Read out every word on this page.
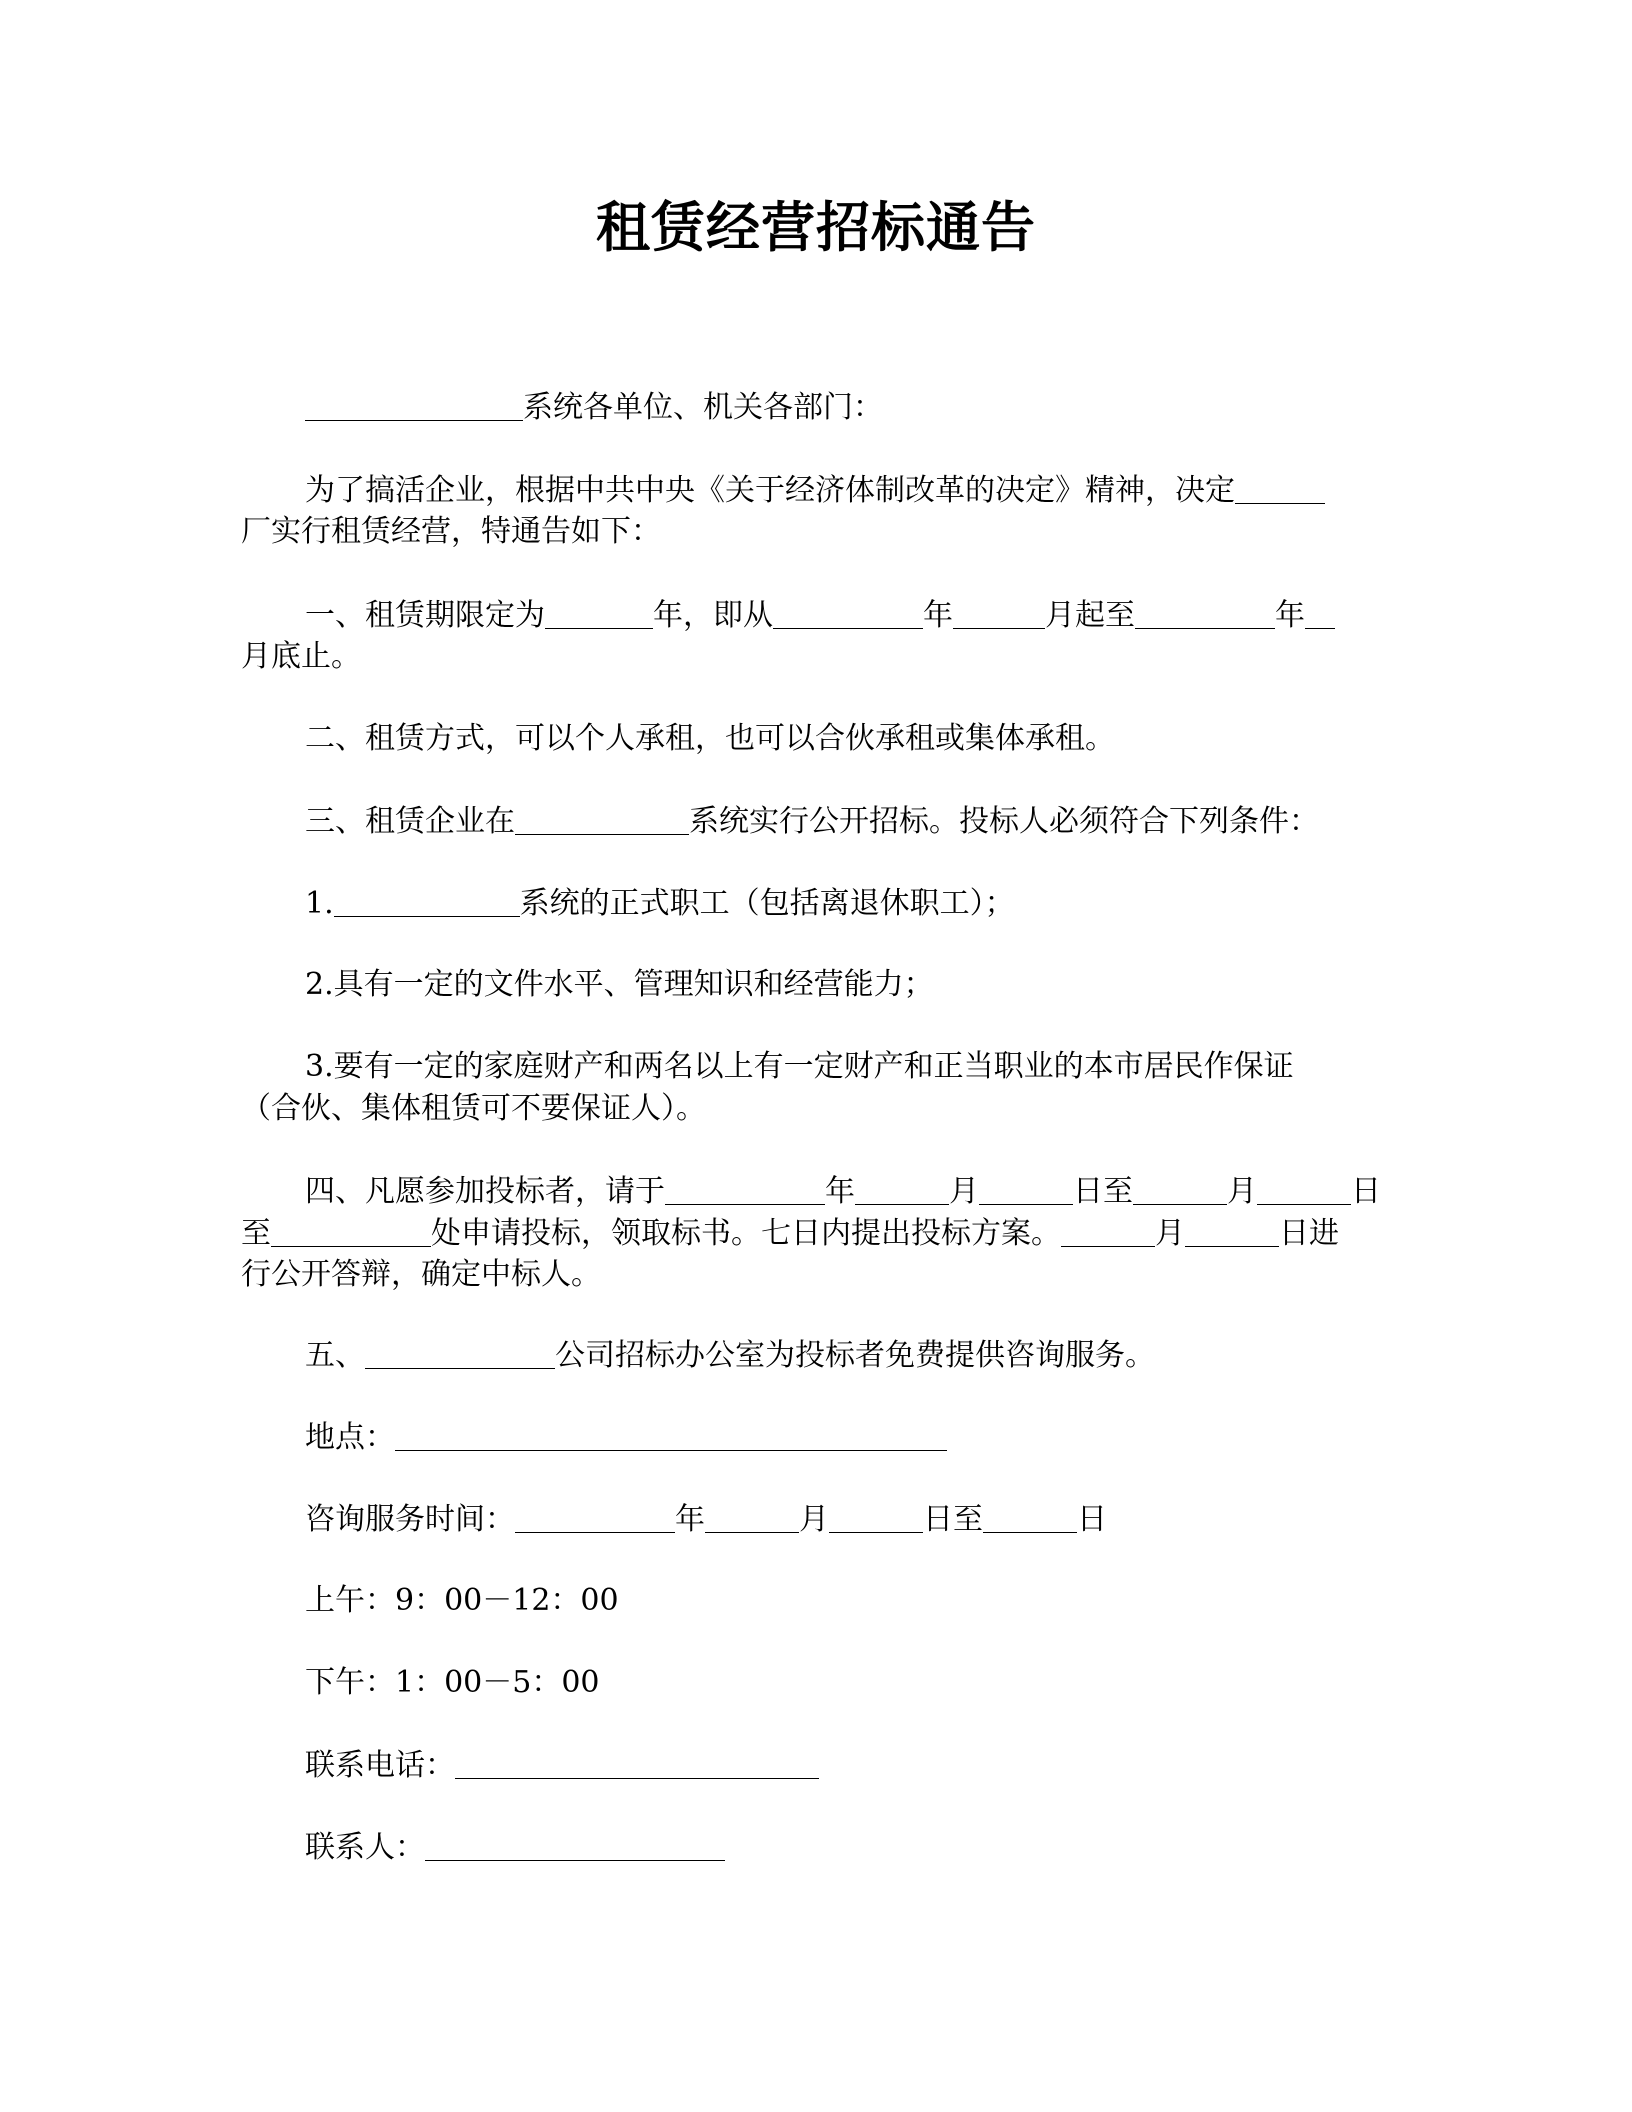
租赁经营招标通告
系统各单位、机关各部门：
为了搞活企业，根据中共中央《关于经济体制改革的决定》精神，决定
厂实行租赁经营，特通告如下：
一、租赁期限定为	年，即从	年	月起至	年
月底止。
二、租赁方式，可以个人承租，也可以合伙承租或集体承租。
三、租赁企业在	系统实行公开招标。投标人必须符合下列条件：
1.	系统的正式职工（包括离退休职工）；
2.具有一定的文件水平、管理知识和经营能力；
3.要有一定的家庭财产和两名以上有一定财产和正当职业的本市居民作保证
（合伙、集体租赁可不要保证人）。
四、凡愿参加投标者，请于	年	月	日至	月	日
至	处申请投标，领取标书。七日内提出投标方案。	月	日进
行公开答辩，确定中标人。
五、	公司招标办公室为投标者免费提供咨询服务。
地点：
咨询服务时间：	年	月	日至	日
上午：9：00－12：00
下午：1：00－5：00
联系电话：
联系人：
